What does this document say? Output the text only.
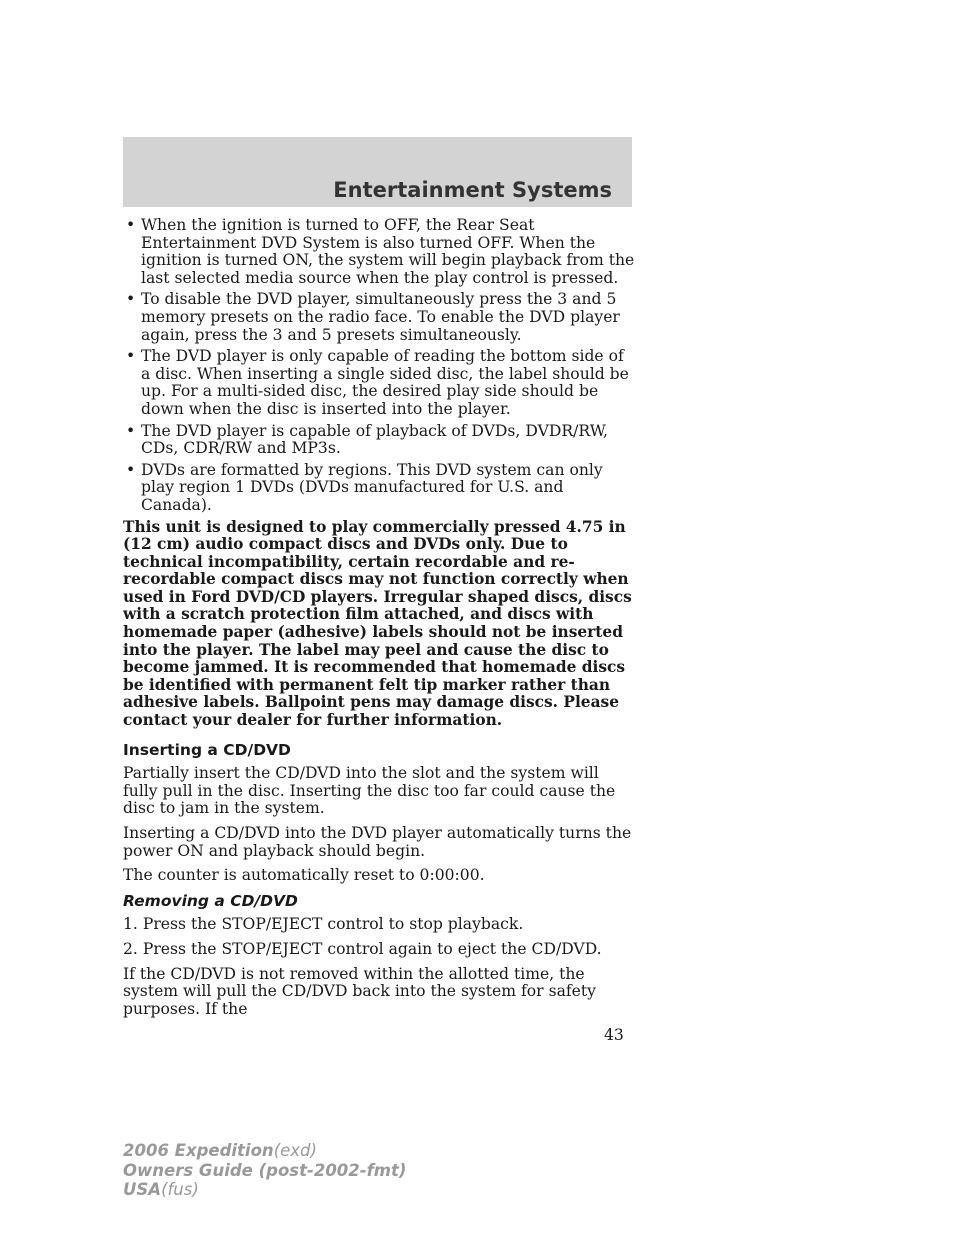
Entertainment Systems
• When the ignition is turned to OFF, the Rear Seat Entertainment DVD System is also turned OFF. When the ignition is turned ON, the system will begin playback from the last selected media source when the play control is pressed.
• To disable the DVD player, simultaneously press the 3 and 5 memory presets on the radio face. To enable the DVD player again, press the 3 and 5 presets simultaneously.
• The DVD player is only capable of reading the bottom side of a disc. When inserting a single sided disc, the label should be up. For a multi-sided disc, the desired play side should be down when the disc is inserted into the player.
• The DVD player is capable of playback of DVDs, DVDR/RW, CDs, CDR/RW and MP3s.
• DVDs are formatted by regions. This DVD system can only play region 1 DVDs (DVDs manufactured for U.S. and Canada).

This unit is designed to play commercially pressed 4.75 in (12 cm) audio compact discs and DVDs only. Due to technical incompatibility, certain recordable and re-recordable compact discs may not function correctly when used in Ford DVD/CD players. Irregular shaped discs, discs with a scratch protection film attached, and discs with homemade paper (adhesive) labels should not be inserted into the player. The label may peel and cause the disc to become jammed. It is recommended that homemade discs be identified with permanent felt tip marker rather than adhesive labels. Ballpoint pens may damage discs. Please contact your dealer for further information.

Inserting a CD/DVD

Partially insert the CD/DVD into the slot and the system will fully pull in the disc. Inserting the disc too far could cause the disc to jam in the system.

Inserting a CD/DVD into the DVD player automatically turns the power ON and playback should begin.

The counter is automatically reset to 0:00:00.

Removing a CD/DVD

1. Press the STOP/EJECT control to stop playback.

2. Press the STOP/EJECT control again to eject the CD/DVD.

If the CD/DVD is not removed within the allotted time, the system will pull the CD/DVD back into the system for safety purposes. If the

43
2006 Expedition(exd)
Owners Guide (post-2002-fmt)
USA(fus)
